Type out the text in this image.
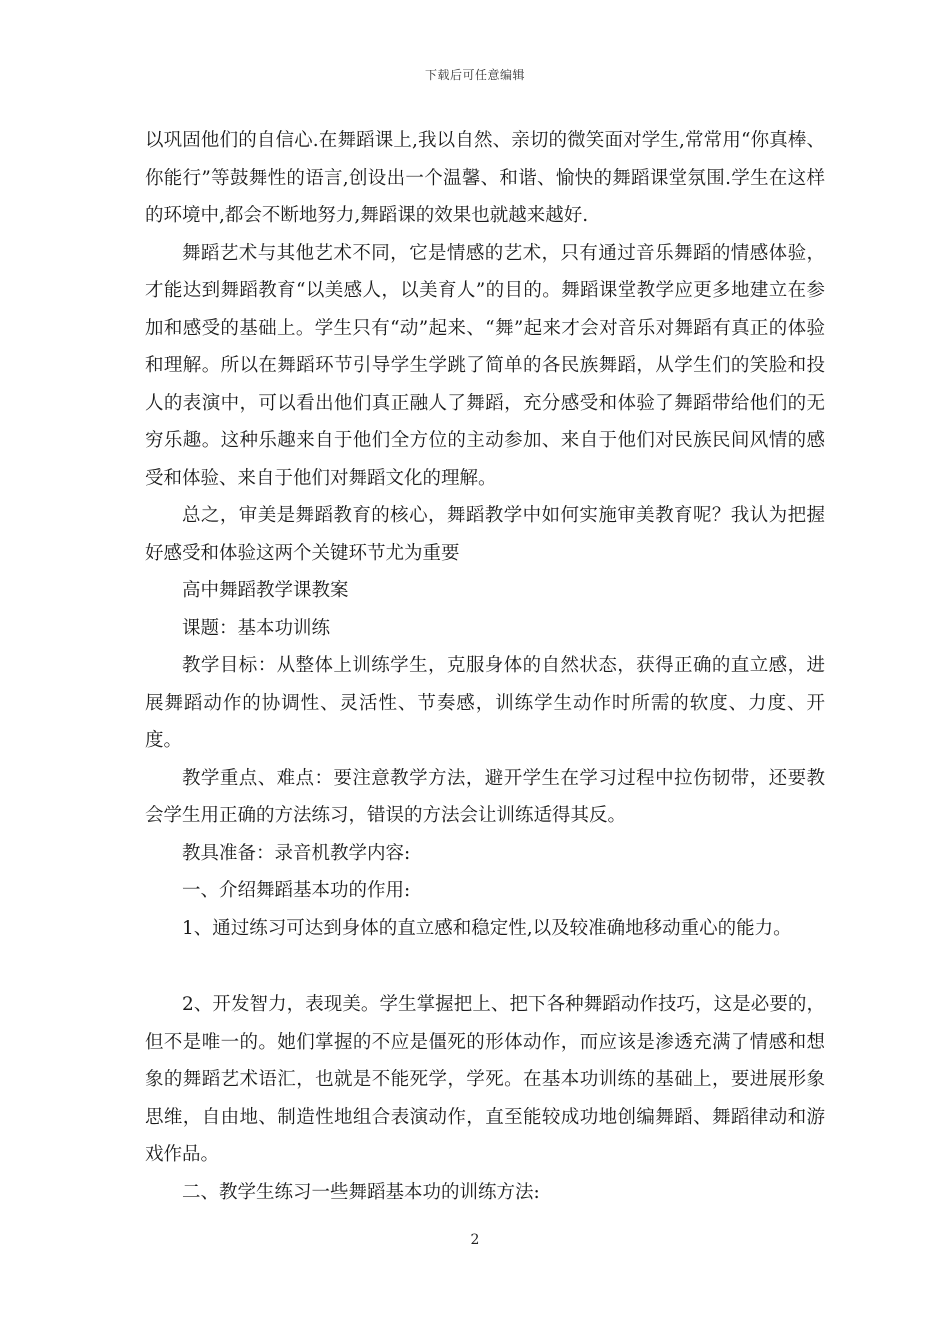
下载后可任意编辑

以巩固他们的自信心.在舞蹈课上,我以自然、亲切的微笑面对学生,常常用“你真棒、你能行”等鼓舞性的语言,创设出一个温馨、和谐、愉快的舞蹈课堂氛围.学生在这样的环境中,都会不断地努力,舞蹈课的效果也就越来越好.

舞蹈艺术与其他艺术不同，它是情感的艺术，只有通过音乐舞蹈的情感体验，才能达到舞蹈教育“以美感人，以美育人”的目的。舞蹈课堂教学应更多地建立在参加和感受的基础上。学生只有“动”起来、“舞”起来才会对音乐对舞蹈有真正的体验和理解。所以在舞蹈环节引导学生学跳了简单的各民族舞蹈，从学生们的笑脸和投人的表演中，可以看出他们真正融人了舞蹈，充分感受和体验了舞蹈带给他们的无穷乐趣。这种乐趣来自于他们全方位的主动参加、来自于他们对民族民间风情的感受和体验、来自于他们对舞蹈文化的理解。

总之，审美是舞蹈教育的核心，舞蹈教学中如何实施审美教育呢？我认为把握好感受和体验这两个关键环节尤为重要

高中舞蹈教学课教案

课题：基本功训练

教学目标：从整体上训练学生，克服身体的自然状态，获得正确的直立感，进展舞蹈动作的协调性、灵活性、节奏感，训练学生动作时所需的软度、力度、开度。

教学重点、难点：要注意教学方法，避开学生在学习过程中拉伤韧带，还要教会学生用正确的方法练习，错误的方法会让训练适得其反。

教具准备：录音机教学内容:

一、介绍舞蹈基本功的作用:

1、通过练习可达到身体的直立感和稳定性,以及较准确地移动重心的能力。

2、开发智力，表现美。学生掌握把上、把下各种舞蹈动作技巧，这是必要的，但不是唯一的。她们掌握的不应是僵死的形体动作，而应该是渗透充满了情感和想象的舞蹈艺术语汇，也就是不能死学，学死。在基本功训练的基础上，要进展形象思维，自由地、制造性地组合表演动作，直至能较成功地创编舞蹈、舞蹈律动和游戏作品。

二、教学生练习一些舞蹈基本功的训练方法:

2
